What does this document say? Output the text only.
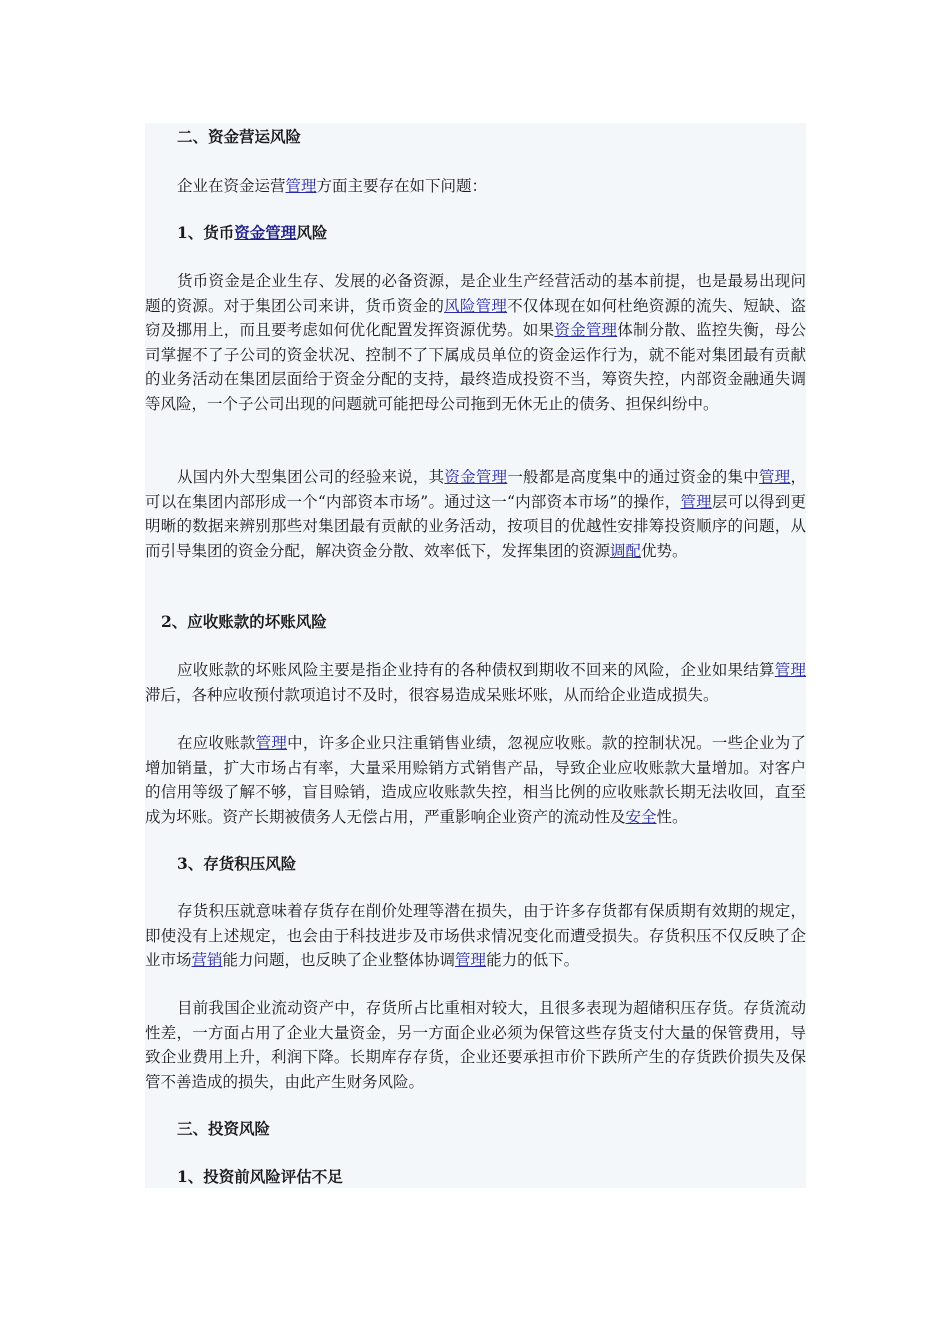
二、资金营运风险
企业在资金运营管理方面主要存在如下问题：
1、货币资金管理风险
货币资金是企业生存、发展的必备资源，是企业生产经营活动的基本前提，也是最易出现问题的资源。对于集团公司来讲，货币资金的风险管理不仅体现在如何杜绝资源的流失、短缺、盗窃及挪用上，而且要考虑如何优化配置发挥资源优势。如果资金管理体制分散、监控失衡，母公司掌握不了子公司的资金状况、控制不了下属成员单位的资金运作行为，就不能对集团最有贡献的业务活动在集团层面给于资金分配的支持，最终造成投资不当，筹资失控，内部资金融通失调等风险，一个子公司出现的问题就可能把母公司拖到无休无止的债务、担保纠纷中。
从国内外大型集团公司的经验来说，其资金管理一般都是高度集中的通过资金的集中管理，可以在集团内部形成一个“内部资本市场”。通过这一“内部资本市场”的操作，管理层可以得到更明晰的数据来辨别那些对集团最有贡献的业务活动，按项目的优越性安排筹投资顺序的问题，从而引导集团的资金分配，解决资金分散、效率低下，发挥集团的资源调配优势。
2、应收账款的坏账风险
应收账款的坏账风险主要是指企业持有的各种债权到期收不回来的风险，企业如果结算管理滞后，各种应收预付款项追讨不及时，很容易造成呆账坏账，从而给企业造成损失。
在应收账款管理中，许多企业只注重销售业绩，忽视应收账。款的控制状况。一些企业为了增加销量，扩大市场占有率，大量采用赊销方式销售产品，导致企业应收账款大量增加。对客户的信用等级了解不够，盲目赊销，造成应收账款失控，相当比例的应收账款长期无法收回，直至成为坏账。资产长期被债务人无偿占用，严重影响企业资产的流动性及安全性。
3、存货积压风险
存货积压就意味着存货存在削价处理等潜在损失，由于许多存货都有保质期有效期的规定，即使没有上述规定，也会由于科技进步及市场供求情况变化而遭受损失。存货积压不仅反映了企业市场营销能力问题，也反映了企业整体协调管理能力的低下。
目前我国企业流动资产中，存货所占比重相对较大，且很多表现为超储积压存货。存货流动性差，一方面占用了企业大量资金，另一方面企业必须为保管这些存货支付大量的保管费用，导致企业费用上升，利润下降。长期库存存货，企业还要承担市价下跌所产生的存货跌价损失及保管不善造成的损失，由此产生财务风险。
三、投资风险
1、投资前风险评估不足
